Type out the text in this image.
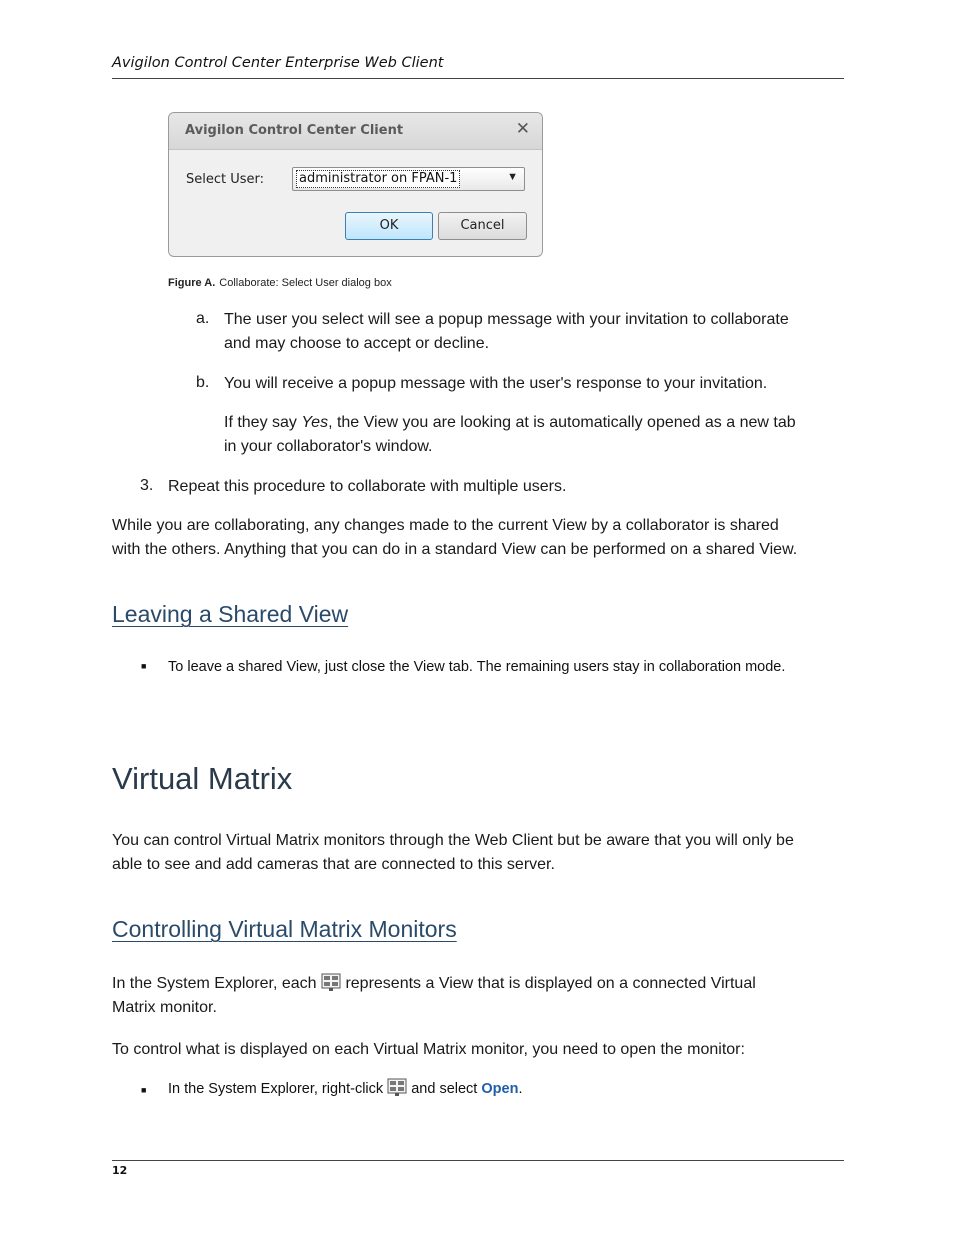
Avigilon Control Center Enterprise Web Client
Avigilon Control Center Client	✕
Select User:	administrator on FPAN-1	▼
OK	Cancel
Figure A. Collaborate: Select User dialog box
a. The user you select will see a popup message with your invitation to collaborate
and may choose to accept or decline.
b. You will receive a popup message with the user's response to your invitation.
If they say Yes, the View you are looking at is automatically opened as a new tab
in your collaborator's window.
3. Repeat this procedure to collaborate with multiple users.
While you are collaborating, any changes made to the current View by a collaborator is shared
with the others. Anything that you can do in a standard View can be performed on a shared View.
Leaving a Shared View
■ To leave a shared View, just close the View tab. The remaining users stay in collaboration mode.
Virtual Matrix
You can control Virtual Matrix monitors through the Web Client but be aware that you will only be
able to see and add cameras that are connected to this server.
Controlling Virtual Matrix Monitors
In the System Explorer, each represents a View that is displayed on a connected Virtual
Matrix monitor.
To control what is displayed on each Virtual Matrix monitor, you need to open the monitor:
■ In the System Explorer, right-click and select Open.
12
